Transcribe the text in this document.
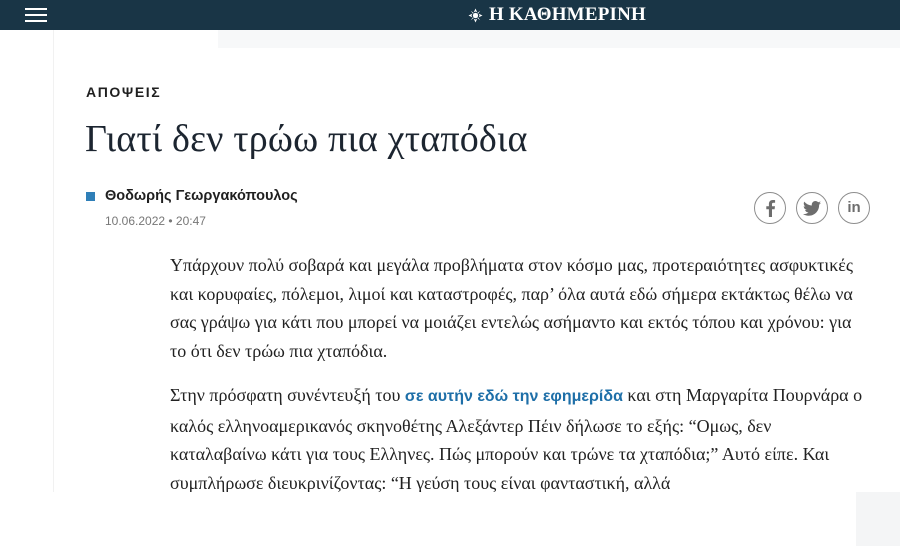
Η ΚΑΘΗΜΕΡΙΝΗ
ΑΠΟΨΕΙΣ
Γιατί δεν τρώω πια χταπόδια
Θοδωρής Γεωργακόπουλος
10.06.2022 • 20:47
in

Υπάρχουν πολύ σοβαρά και μεγάλα προβλήματα στον κόσμο μας, προτεραιότητες ασφυκτικές και κορυφαίες, πόλεμοι, λιμοί και καταστροφές, παρ’ όλα αυτά εδώ σήμερα εκτάκτως θέλω να σας γράψω για κάτι που μπορεί να μοιάζει εντελώς ασήμαντο και εκτός τόπου και χρόνου: για το ότι δεν τρώω πια χταπόδια.

Στην πρόσφατη συνέντευξή του σε αυτήν εδώ την εφημερίδα και στη Μαργαρίτα Πουρνάρα ο καλός ελληνοαμερικανός σκηνοθέτης Αλεξάντερ Πέιν δήλωσε το εξής: “Ομως, δεν καταλαβαίνω κάτι για τους Ελληνες. Πώς μπορούν και τρώνε τα χταπόδια;” Αυτό είπε. Και συμπλήρωσε διευκρινίζοντας: “Η γεύση τους είναι φανταστική, αλλά
